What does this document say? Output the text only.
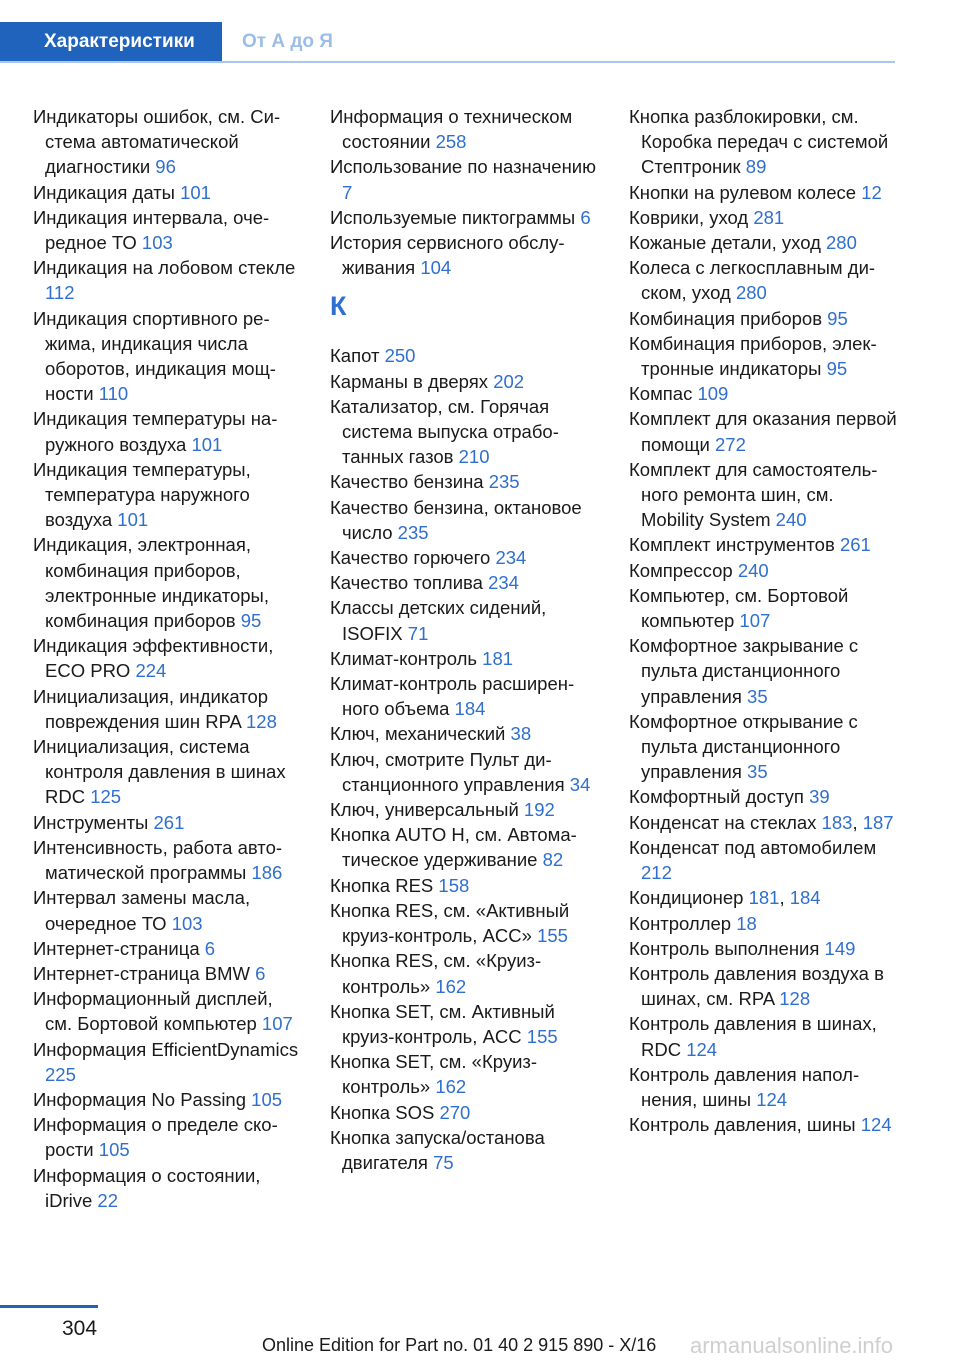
Характеристики	От А до Я

Индикаторы ошибок, см. Система автоматической диагностики 96

Индикация даты 101

Индикация интервала, очередное ТО 103

Индикация на лобовом стекле 112

Индикация спортивного режима, индикация числа оборотов, индикация мощности 110

Индикация температуры наружного воздуха 101

Индикация температуры, температура наружного воздуха 101

Индикация, электронная, комбинация приборов, электронные индикаторы, комбинация приборов 95

Индикация эффективности, ECO PRO 224

Инициализация, индикатор повреждения шин RPA 128

Инициализация, система контроля давления в шинах RDC 125

Инструменты 261

Интенсивность, работа автоматической программы 186

Интервал замены масла, очередное ТО 103

Интернет-страница 6

Интернет-страница BMW 6

Информационный дисплей, см. Бортовой компьютер 107

Информация EfficientDynamics 225

Информация No Passing 105

Информация о пределе скорости 105

Информация о состоянии, iDrive 22

Информация о техническом состоянии 258

Использование по назначению 7

Используемые пиктограммы 6

История сервисного обслуживания 104

К

Капот 250

Карманы в дверях 202

Катализатор, см. Горячая система выпуска отработанных газов 210

Качество бензина 235

Качество бензина, октановое число 235

Качество горючего 234

Качество топлива 234

Классы детских сидений, ISOFIX 71

Климат-контроль 181

Климат-контроль расширенного объема 184

Ключ, механический 38

Ключ, смотрите Пульт дистанционного управления 34

Ключ, универсальный 192

Кнопка AUTO H, см. Автоматическое удерживание 82

Кнопка RES 158

Кнопка RES, см. «Активный круиз-контроль, ACC» 155

Кнопка RES, см. «Круиз-контроль» 162

Кнопка SET, см. Активный круиз-контроль, ACC 155

Кнопка SET, см. «Круиз-контроль» 162

Кнопка SOS 270

Кнопка запуска/останова двигателя 75

Кнопка разблокировки, см. Коробка передач с системой Стептроник 89

Кнопки на рулевом колесе 12

Коврики, уход 281

Кожаные детали, уход 280

Колеса с легкосплавным диском, уход 280

Комбинация приборов 95

Комбинация приборов, электронные индикаторы 95

Компас 109

Комплект для оказания первой помощи 272

Комплект для самостоятельного ремонта шин, см. Mobility System 240

Комплект инструментов 261

Компрессор 240

Компьютер, см. Бортовой компьютер 107

Комфортное закрывание с пульта дистанционного управления 35

Комфортное открывание с пульта дистанционного управления 35

Комфортный доступ 39

Конденсат на стеклах 183, 187

Конденсат под автомобилем 212

Кондиционер 181, 184

Контроллер 18

Контроль выполнения 149

Контроль давления воздуха в шинах, см. RPA 128

Контроль давления в шинах, RDC 124

Контроль давления наполнения, шины 124

Контроль давления, шины 124

304
Online Edition for Part no. 01 40 2 915 890 - X/16 armanualsonline.info
